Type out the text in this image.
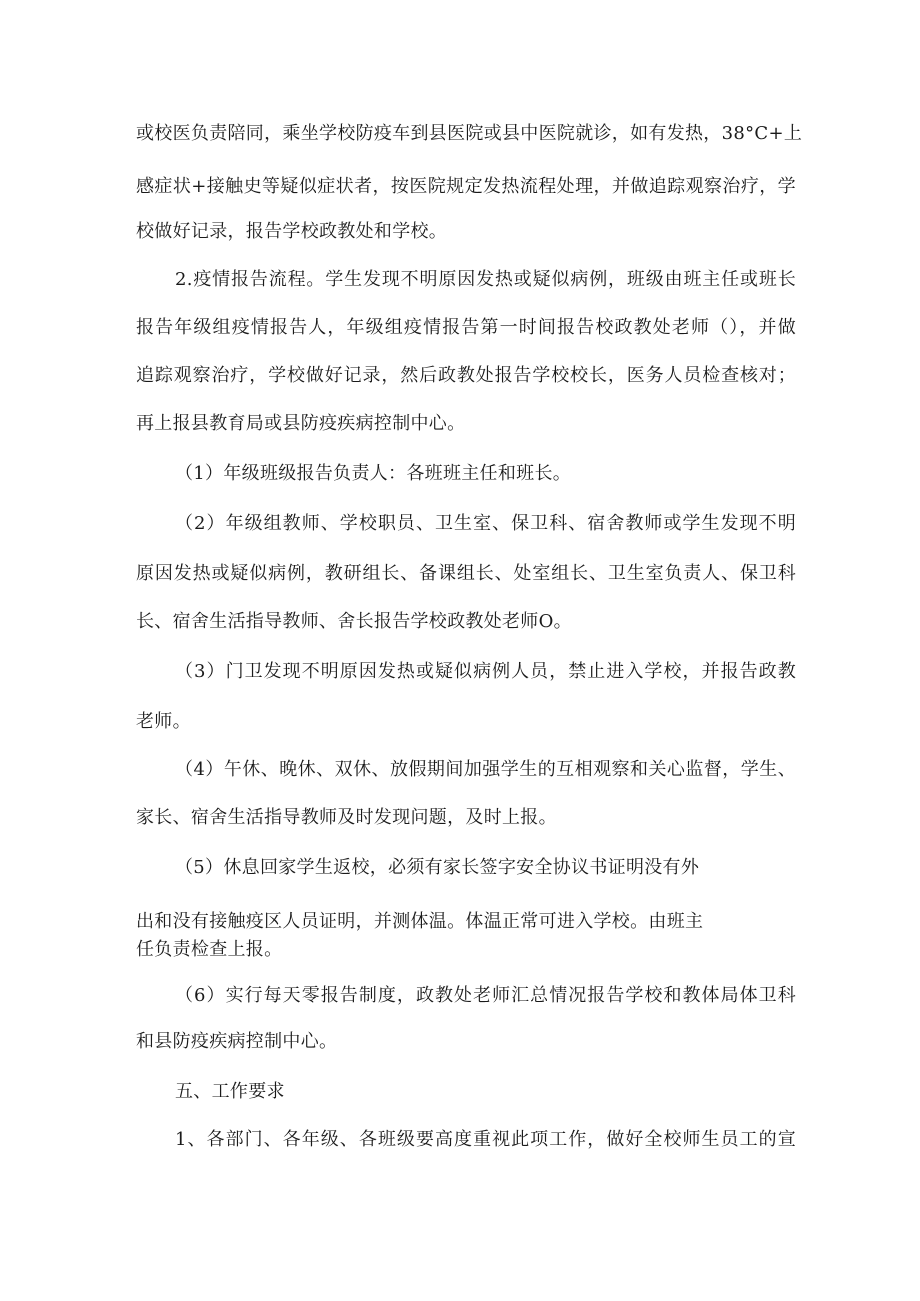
或校医负责陪同，乘坐学校防疫车到县医院或县中医院就诊，如有发热，38°C+上
感症状+接触史等疑似症状者，按医院规定发热流程处理，并做追踪观察治疗，学
校做好记录，报告学校政教处和学校。
2.疫情报告流程。学生发现不明原因发热或疑似病例，班级由班主任或班长
报告年级组疫情报告人，年级组疫情报告第一时间报告校政教处老师（），并做
追踪观察治疗，学校做好记录，然后政教处报告学校校长，医务人员检查核对；
再上报县教育局或县防疫疾病控制中心。
（1）年级班级报告负责人：各班班主任和班长。
（2）年级组教师、学校职员、卫生室、保卫科、宿舍教师或学生发现不明
原因发热或疑似病例，教研组长、备课组长、处室组长、卫生室负责人、保卫科
长、宿舍生活指导教师、舍长报告学校政教处老师O。
（3）门卫发现不明原因发热或疑似病例人员，禁止进入学校，并报告政教
老师。
（4）午休、晚休、双休、放假期间加强学生的互相观察和关心监督，学生、
家长、宿舍生活指导教师及时发现问题，及时上报。
（5）休息回家学生返校，必须有家长签字安全协议书证明没有外
出和没有接触疫区人员证明，并测体温。体温正常可进入学校。由班主
任负责检查上报。
（6）实行每天零报告制度，政教处老师汇总情况报告学校和教体局体卫科
和县防疫疾病控制中心。
五、工作要求
1、各部门、各年级、各班级要高度重视此项工作，做好全校师生员工的宣
